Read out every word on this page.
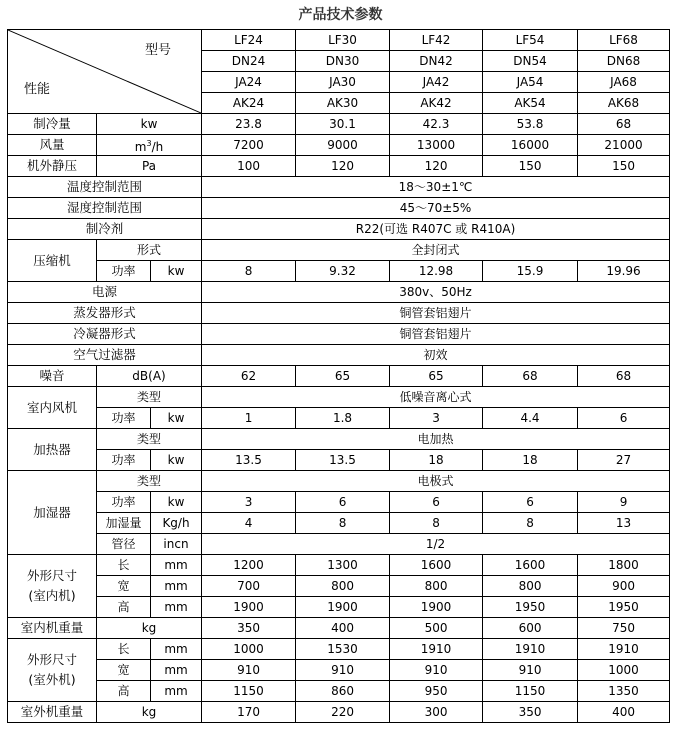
产品技术参数
型号
性能			LF24	LF30	LF42	LF54	LF68
			DN24	DN30	DN42	DN54	DN68
			JA24	JA30	JA42	JA54	JA68
			AK24	AK30	AK42	AK54	AK68
制冷量	kw		23.8	30.1	42.3	53.8	68
风量	$m^3/h$		7200	9000	13000	16000	21000
机外静压	Pa		100	120	120	150	150
温度控制范围			18～30±1℃				
湿度控制范围			45～70±5%				
制冷剂			R22(可选 R407C 或 R410A)				
压缩机	形式		全封闭式				
	功率	kw	8	9.32	12.98	15.9	19.96
电源			380v、50Hz				
蒸发器形式			铜管套铝翅片				
冷凝器形式			铜管套铝翅片				
空气过滤器			初效				
噪音	dB(A)		62	65	65	68	68
室内风机	类型		低噪音离心式				
	功率	kw	1	1.8	3	4.4	6
加热器	类型		电加热				
	功率	kw	13.5	13.5	18	18	27
加湿器	类型		电极式				
	功率	kw	3	6	6	6	9
	加湿量	Kg/h	4	8	8	8	13
	管径	incn	1/2				
外形尺寸
(室内机)	长	mm	1200	1300	1600	1600	1800
	宽	mm	700	800	800	800	900
	高	mm	1900	1900	1900	1950	1950
室内机重量	kg		350	400	500	600	750
外形尺寸
(室外机)	长	mm	1000	1530	1910	1910	1910
	宽	mm	910	910	910	910	1000
	高	mm	1150	860	950	1150	1350
室外机重量	kg		170	220	300	350	400
